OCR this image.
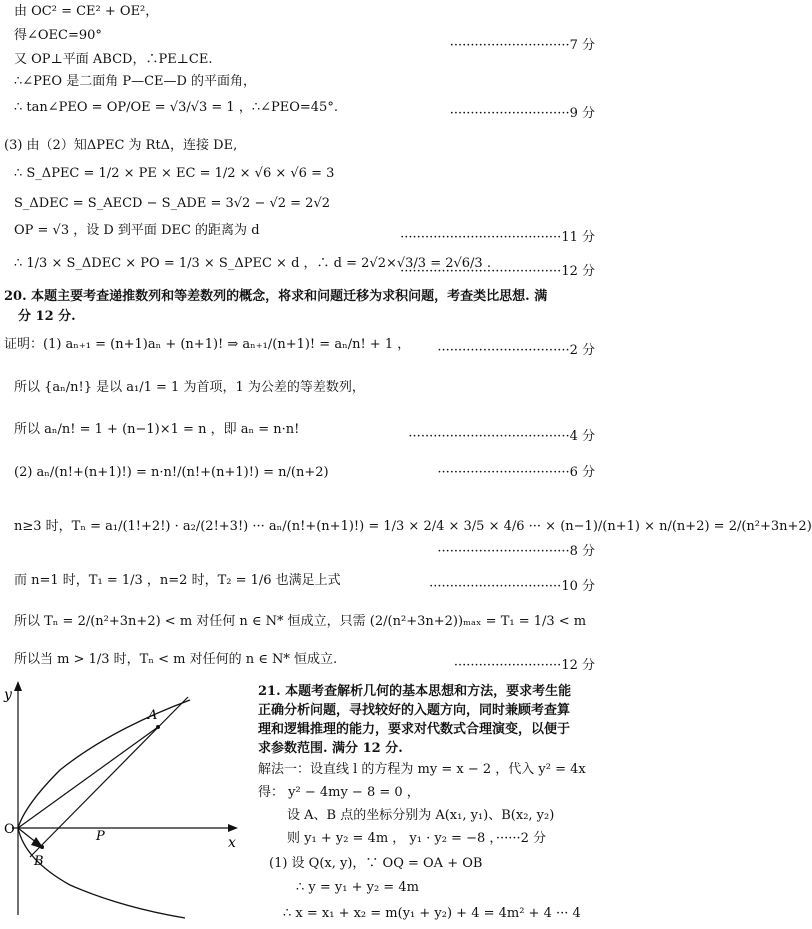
由 OC² = CE² + OE²，
得∠OEC=90°
又 OP⊥平面 ABCD，∴PE⊥CE.
∴∠PEO 是二面角 P—CE—D 的平面角，
∴ tan∠PEO = OP/OE = √3/√3 = 1 ，∴∠PEO=45°.
(3) 由（2）知ΔPEC 为 RtΔ，连接 DE,
∴ S_ΔPEC = 1/2 × PE × EC = 1/2 × √6 × √6 = 3
S_ΔDEC = S_AECD − S_ADE = 3√2 − √2 = 2√2
OP = √3 ，设 D 到平面 DEC 的距离为 d
∴ 1/3 × S_ΔDEC × PO = 1/3 × S_ΔPEC × d ，∴ d = 2√2×√3/3 = 2√6/3 .
20. 本题主要考查递推数列和等差数列的概念，将求和问题迁移为求积问题，考查类比思想. 满
分 12 分.
证明：(1) aₙ₊₁ = (n+1)aₙ + (n+1)! ⇒ aₙ₊₁/(n+1)! = aₙ/n! + 1 ，
所以 {aₙ/n!} 是以 a₁/1 = 1 为首项，1 为公差的等差数列，
所以 aₙ/n! = 1 + (n−1)×1 = n ，即 aₙ = n·n!
(2) aₙ/(n!+(n+1)!) = n·n!/(n!+(n+1)!) = n/(n+2)
n≥3 时，Tₙ = a₁/(1!+2!) · a₂/(2!+3!) ··· aₙ/(n!+(n+1)!) = 1/3 × 2/4 × 3/5 × 4/6 ··· × (n−1)/(n+1) × n/(n+2) = 2/(n²+3n+2)
而 n=1 时，T₁ = 1/3 ，n=2 时，T₂ = 1/6 也满足上式
所以 Tₙ = 2/(n²+3n+2) < m 对任何 n ∈ N* 恒成立，只需 (2/(n²+3n+2))ₘₐₓ = T₁ = 1/3 < m
所以当 m > 1/3 时，Tₙ < m 对任何的 n ∈ N* 恒成立.
21. 本题考查解析几何的基本思想和方法，要求考生能
正确分析问题，寻找较好的入题方向，同时兼顾考查算
理和逻辑推理的能力，要求对代数式合理演变，以便于
求参数范围. 满分 12 分.
解法一：设直线 l 的方程为 my = x − 2 ，代入 y² = 4x
得： y² − 4my − 8 = 0 ，
设 A、B 点的坐标分别为 A(x₁, y₁)、B(x₂, y₂)
则 y₁ + y₂ = 4m ， y₁ · y₂ = −8 ，······2 分
(1) 设 Q(x, y)，∵ OQ = OA + OB
∴ y = y₁ + y₂ = 4m
∴ x = x₁ + x₂ = m(y₁ + y₂) + 4 = 4m² + 4 ··· 4
·····························7 分
·····························9 分
·······································11 分
·······································12 分
································2 分
·······································4 分
································6 分
································8 分
································10 分
··························12 分
y
x
O
A
B
P
